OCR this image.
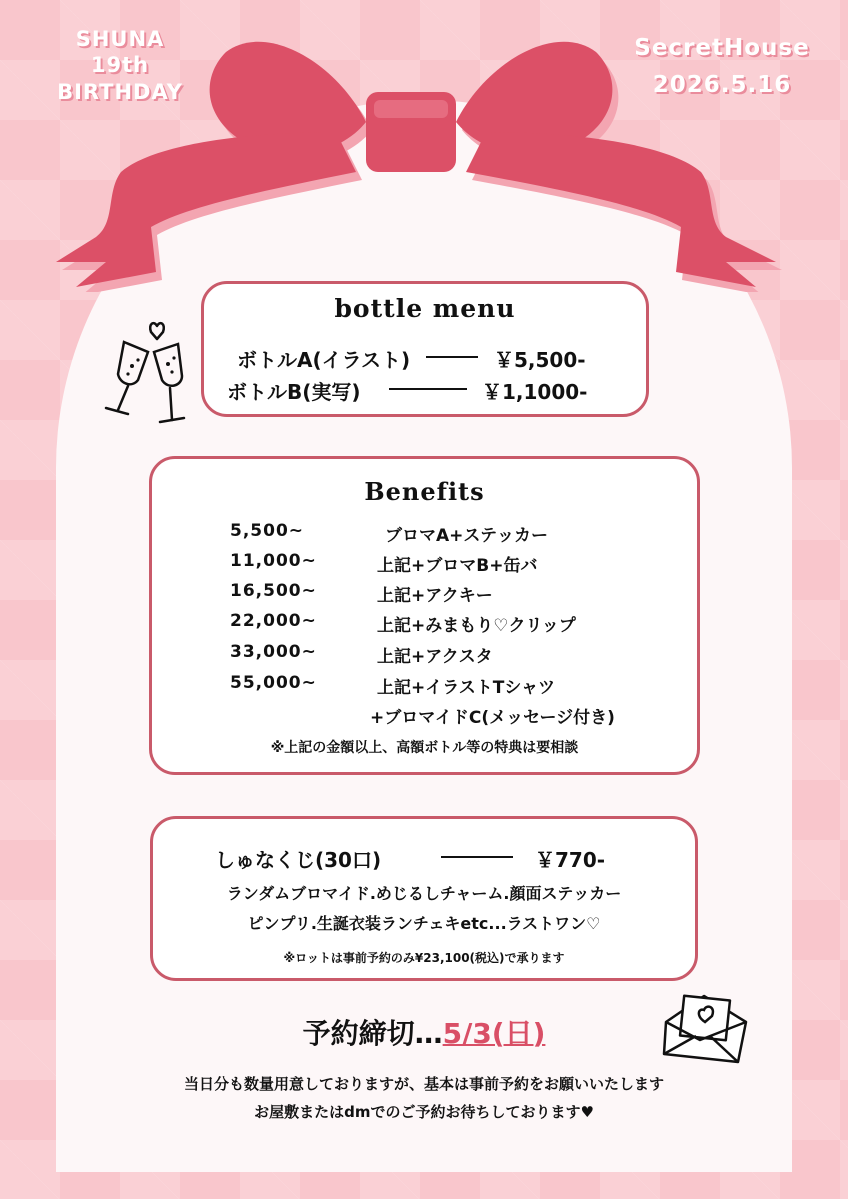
SHUNA
19th
BIRTHDAY
SecretHouse
2026.5.16
bottle menu
ボトルA(イラスト)	￥5,500-
ボトルB(実写)	￥1,1000-
Benefits
5,500~	ブロマA+ステッカー
11,000~	上記+ブロマB+缶バ
16,500~	上記+アクキー
22,000~	上記+みまもり♡クリップ
33,000~	上記+アクスタ
55,000~	上記+イラストTシャツ
+ブロマイドC(メッセージ付き)
※上記の金額以上、高額ボトル等の特典は要相談
しゅなくじ(30口)	￥770-
ランダムブロマイド.めじるしチャーム.顔面ステッカー
ピンプリ.生誕衣装ランチェキetc...ラストワン♡
※ロットは事前予約のみ¥23,100(税込)で承ります
予約締切…5/3(日)
当日分も数量用意しておりますが、基本は事前予約をお願いいたします
お屋敷またはdmでのご予約お待ちしております♥
